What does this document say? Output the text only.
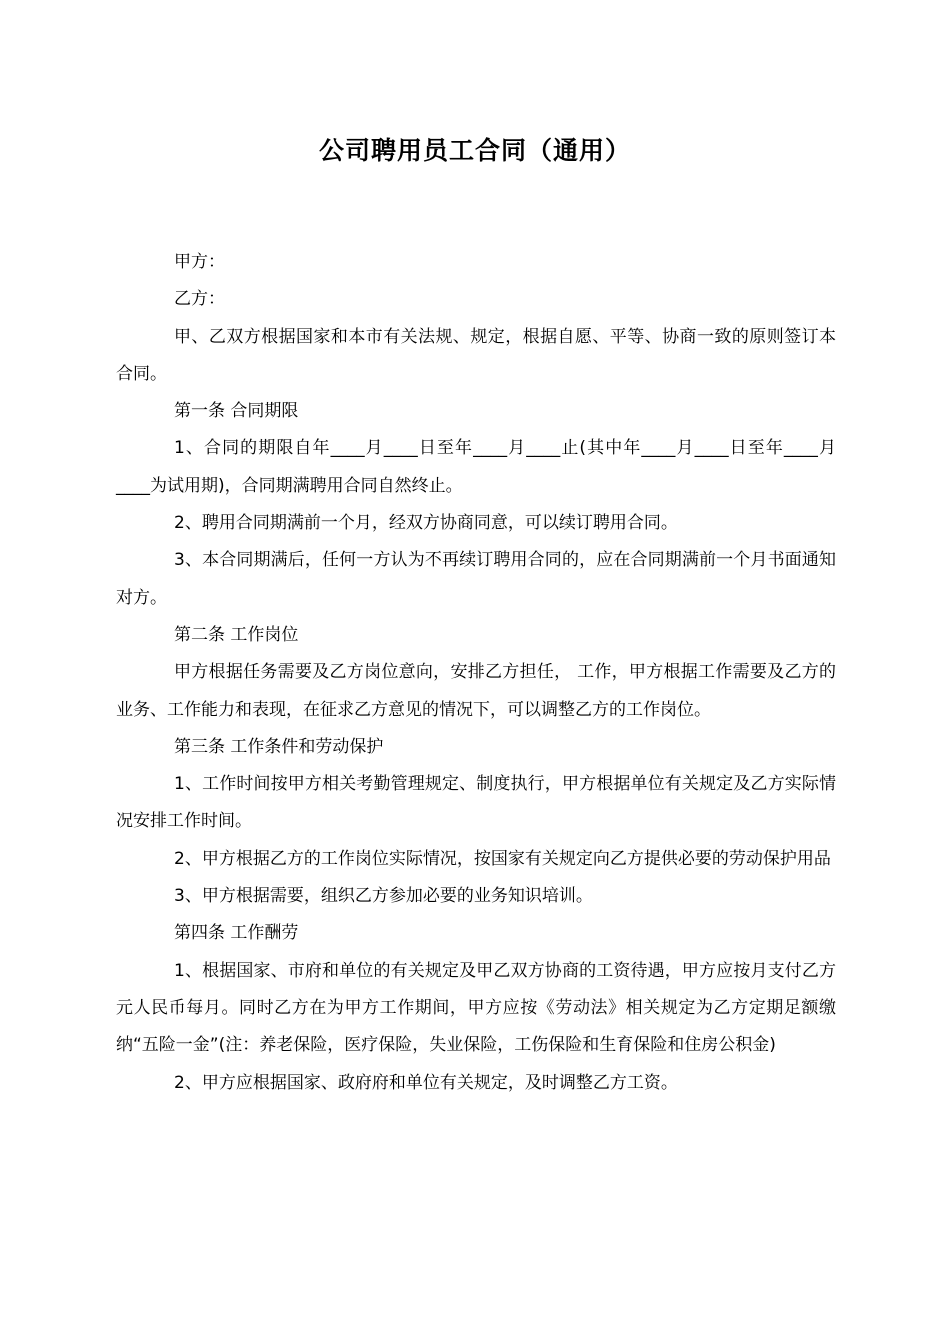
公司聘用员工合同（通用）

甲方：

乙方：

甲、乙双方根据国家和本市有关法规、规定，根据自愿、平等、协商一致的原则签订本合同。

第一条 合同期限

1、合同的期限自年____月____日至年____月____止(其中年____月____日至年_​___月____为试用期)，合同期满聘用合同自然终止。

2、聘用合同期满前一个月，经双方协商同意，可以续订聘用合同。

3、本合同期满后，任何一方认为不再续订聘用合同的，应在合同期满前一个月书面通知对方。

第二条 工作岗位

甲方根据任务需要及乙方岗位意向，安排乙方担任， 工作，甲方根据工作需要及乙方的业务、工作能力和表现，在征求乙方意见的情况下，可以调整乙方的工作岗位。

第三条 工作条件和劳动保护

1、工作时间按甲方相关考勤管理规定、制度执行，甲方根据单位有关规定及乙方实际情况安排工作时间。

2、甲方根据乙方的工作岗位实际情况，按国家有关规定向乙方提供必要的劳动保护用品

3、甲方根据需要，组织乙方参加必要的业务知识培训。

第四条 工作酬劳

1、根据国家、市府和单位的有关规定及甲乙双方协商的工资待遇，甲方应按月支付乙方 元人民币每月。同时乙方在为甲方工作期间，甲方应按《劳动法》相关规定为乙方定期足额缴纳“五险一金”(注：养老保险，医疗保险，失业保险，工伤保险和生育保险和住房公积金)

2、甲方应根据国家、政府府和单位有关规定，及时调整乙方工资。
